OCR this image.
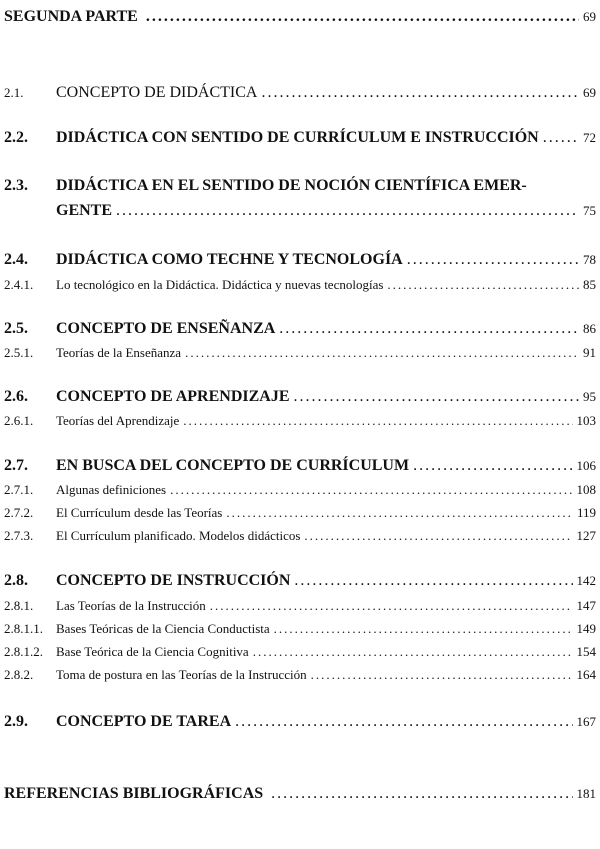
SEGUNDA PARTE .....	69
2.1.	CONCEPTO DE DIDÁCTICA .....	69
2.2.	DIDÁCTICA CON SENTIDO DE CURRÍCULUM E INSTRUCCIÓN .....	72
2.3.	DIDÁCTICA EN EL SENTIDO DE NOCIÓN CIENTÍFICA EMER-
GENTE .....	75
2.4.	DIDÁCTICA COMO TECHNE Y TECNOLOGÍA .....	78
2.4.1.	Lo tecnológico en la Didáctica. Didáctica y nuevas tecnologías .....	85
2.5.	CONCEPTO DE ENSEÑANZA .....	86
2.5.1.	Teorías de la Enseñanza .....	91
2.6.	CONCEPTO DE APRENDIZAJE .....	95
2.6.1.	Teorías del Aprendizaje .....	103
2.7.	EN BUSCA DEL CONCEPTO DE CURRÍCULUM .....	106
2.7.1.	Algunas definiciones .....	108
2.7.2.	El Currículum desde las Teorías .....	119
2.7.3.	El Currículum planificado. Modelos didácticos .....	127
2.8.	CONCEPTO DE INSTRUCCIÓN .....	142
2.8.1.	Las Teorías de la Instrucción .....	147
2.8.1.1.	Bases Teóricas de la Ciencia Conductista .....	149
2.8.1.2.	Base Teórica de la Ciencia Cognitiva .....	154
2.8.2.	Toma de postura en las Teorías de la Instrucción .....	164
2.9.	CONCEPTO DE TAREA .....	167
REFERENCIAS BIBLIOGRÁFICAS .....	181
